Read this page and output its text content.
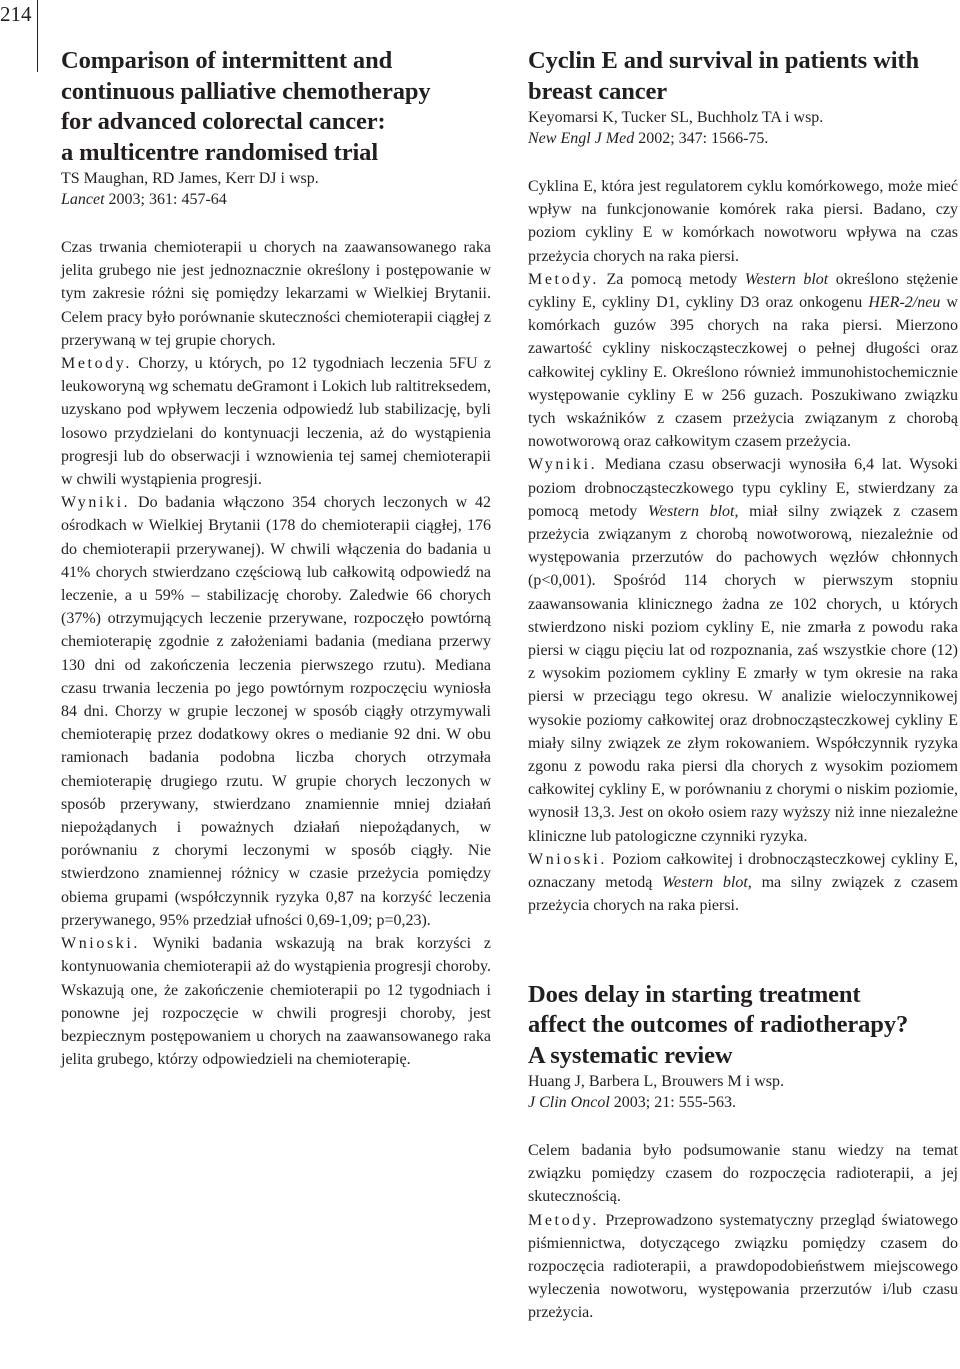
214
Comparison of intermittent and
continuous palliative chemotherapy
for advanced colorectal cancer:
a multicentre randomised trial

TS Maughan, RD James, Kerr DJ i wsp.

Lancet 2003; 361: 457-64

Czas trwania chemioterapii u chorych na zaawansowanego raka jelita grubego nie jest jednoznacznie określony i postępowanie w tym zakresie różni się pomiędzy lekarzami w Wielkiej Brytanii. Celem pracy było porównanie skuteczności chemioterapii ciągłej z przerywaną w tej grupie chorych.

Metody. Chorzy, u których, po 12 tygodniach leczenia 5FU z leukoworyną wg schematu deGramont i Lokich lub raltitreksedem, uzyskano pod wpływem leczenia odpowiedź lub stabilizację, byli losowo przydzielani do kontynuacji leczenia, aż do wystąpienia progresji lub do obserwacji i wznowienia tej samej chemioterapii w chwili wystąpienia progresji.

Wyniki. Do badania włączono 354 chorych leczonych w 42 ośrodkach w Wielkiej Brytanii (178 do chemioterapii ciągłej, 176 do chemioterapii przerywanej). W chwili włączenia do badania u 41% chorych stwierdzano częściową lub całkowitą odpowiedź na leczenie, a u 59% – stabilizację choroby. Zaledwie 66 chorych (37%) otrzymujących leczenie przerywane, rozpoczęło powtórną chemioterapię zgodnie z założeniami badania (mediana przerwy 130 dni od zakończenia leczenia pierwszego rzutu). Mediana czasu trwania leczenia po jego powtórnym rozpoczęciu wyniosła 84 dni. Chorzy w grupie leczonej w sposób ciągły otrzymywali chemioterapię przez dodatkowy okres o medianie 92 dni. W obu ramionach badania podobna liczba chorych otrzymała chemioterapię drugiego rzutu. W grupie chorych leczonych w sposób przerywany, stwierdzano znamiennie mniej działań niepożądanych i poważnych działań niepożądanych, w porównaniu z chorymi leczonymi w sposób ciągły. Nie stwierdzono znamiennej różnicy w czasie przeżycia pomiędzy obiema grupami (współczynnik ryzyka 0,87 na korzyść leczenia przerywanego, 95% przedział ufności 0,69-1,09; p=0,23).

Wnioski. Wyniki badania wskazują na brak korzyści z kontynuowania chemioterapii aż do wystąpienia progresji choroby. Wskazują one, że zakończenie chemioterapii po 12 tygodniach i ponowne jej rozpoczęcie w chwili progresji choroby, jest bezpiecznym postępowaniem u chorych na zaawansowanego raka jelita grubego, którzy odpowiedzieli na chemioterapię.

Cyclin E and survival in patients with
breast cancer

Keyomarsi K, Tucker SL, Buchholz TA i wsp.

New Engl J Med 2002; 347: 1566-75.

Cyklina E, która jest regulatorem cyklu komórkowego, może mieć wpływ na funkcjonowanie komórek raka piersi. Badano, czy poziom cykliny E w komórkach nowotworu wpływa na czas przeżycia chorych na raka piersi.

Metody. Za pomocą metody Western blot określono stężenie cykliny E, cykliny D1, cykliny D3 oraz onkogenu HER-2/neu w komórkach guzów 395 chorych na raka piersi. Mierzono zawartość cykliny niskocząsteczkowej o pełnej długości oraz całkowitej cykliny E. Określono również immunohistochemicznie występowanie cykliny E w 256 guzach. Poszukiwano związku tych wskaźników z czasem przeżycia związanym z chorobą nowotworową oraz całkowitym czasem przeżycia.

Wyniki. Mediana czasu obserwacji wynosiła 6,4 lat. Wysoki poziom drobnocząsteczkowego typu cykliny E, stwierdzany za pomocą metody Western blot, miał silny związek z czasem przeżycia związanym z chorobą nowotworową, niezależnie od występowania przerzutów do pachowych węzłów chłonnych (p<0,001). Spośród 114 chorych w pierwszym stopniu zaawansowania klinicznego żadna ze 102 chorych, u których stwierdzono niski poziom cykliny E, nie zmarła z powodu raka piersi w ciągu pięciu lat od rozpoznania, zaś wszystkie chore (12) z wysokim poziomem cykliny E zmarły w tym okresie na raka piersi w przeciągu tego okresu. W analizie wieloczynnikowej wysokie poziomy całkowitej oraz drobnocząsteczkowej cykliny E miały silny związek ze złym rokowaniem. Współczynnik ryzyka zgonu z powodu raka piersi dla chorych z wysokim poziomem całkowitej cykliny E, w porównaniu z chorymi o niskim poziomie, wynosił 13,3. Jest on około osiem razy wyższy niż inne niezależne kliniczne lub patologiczne czynniki ryzyka.

Wnioski. Poziom całkowitej i drobnocząsteczkowej cykliny E, oznaczany metodą Western blot, ma silny związek z czasem przeżycia chorych na raka piersi.

Does delay in starting treatment
affect the outcomes of radiotherapy?
A systematic review

Huang J, Barbera L, Brouwers M i wsp.

J Clin Oncol 2003; 21: 555-563.

Celem badania było podsumowanie stanu wiedzy na temat związku pomiędzy czasem do rozpoczęcia radioterapii, a jej skutecznością.

Metody. Przeprowadzono systematyczny przegląd światowego piśmiennictwa, dotyczącego związku pomiędzy czasem do rozpoczęcia radioterapii, a prawdopodobieństwem miejscowego wyleczenia nowotworu, występowania przerzutów i/lub czasu przeżycia.
